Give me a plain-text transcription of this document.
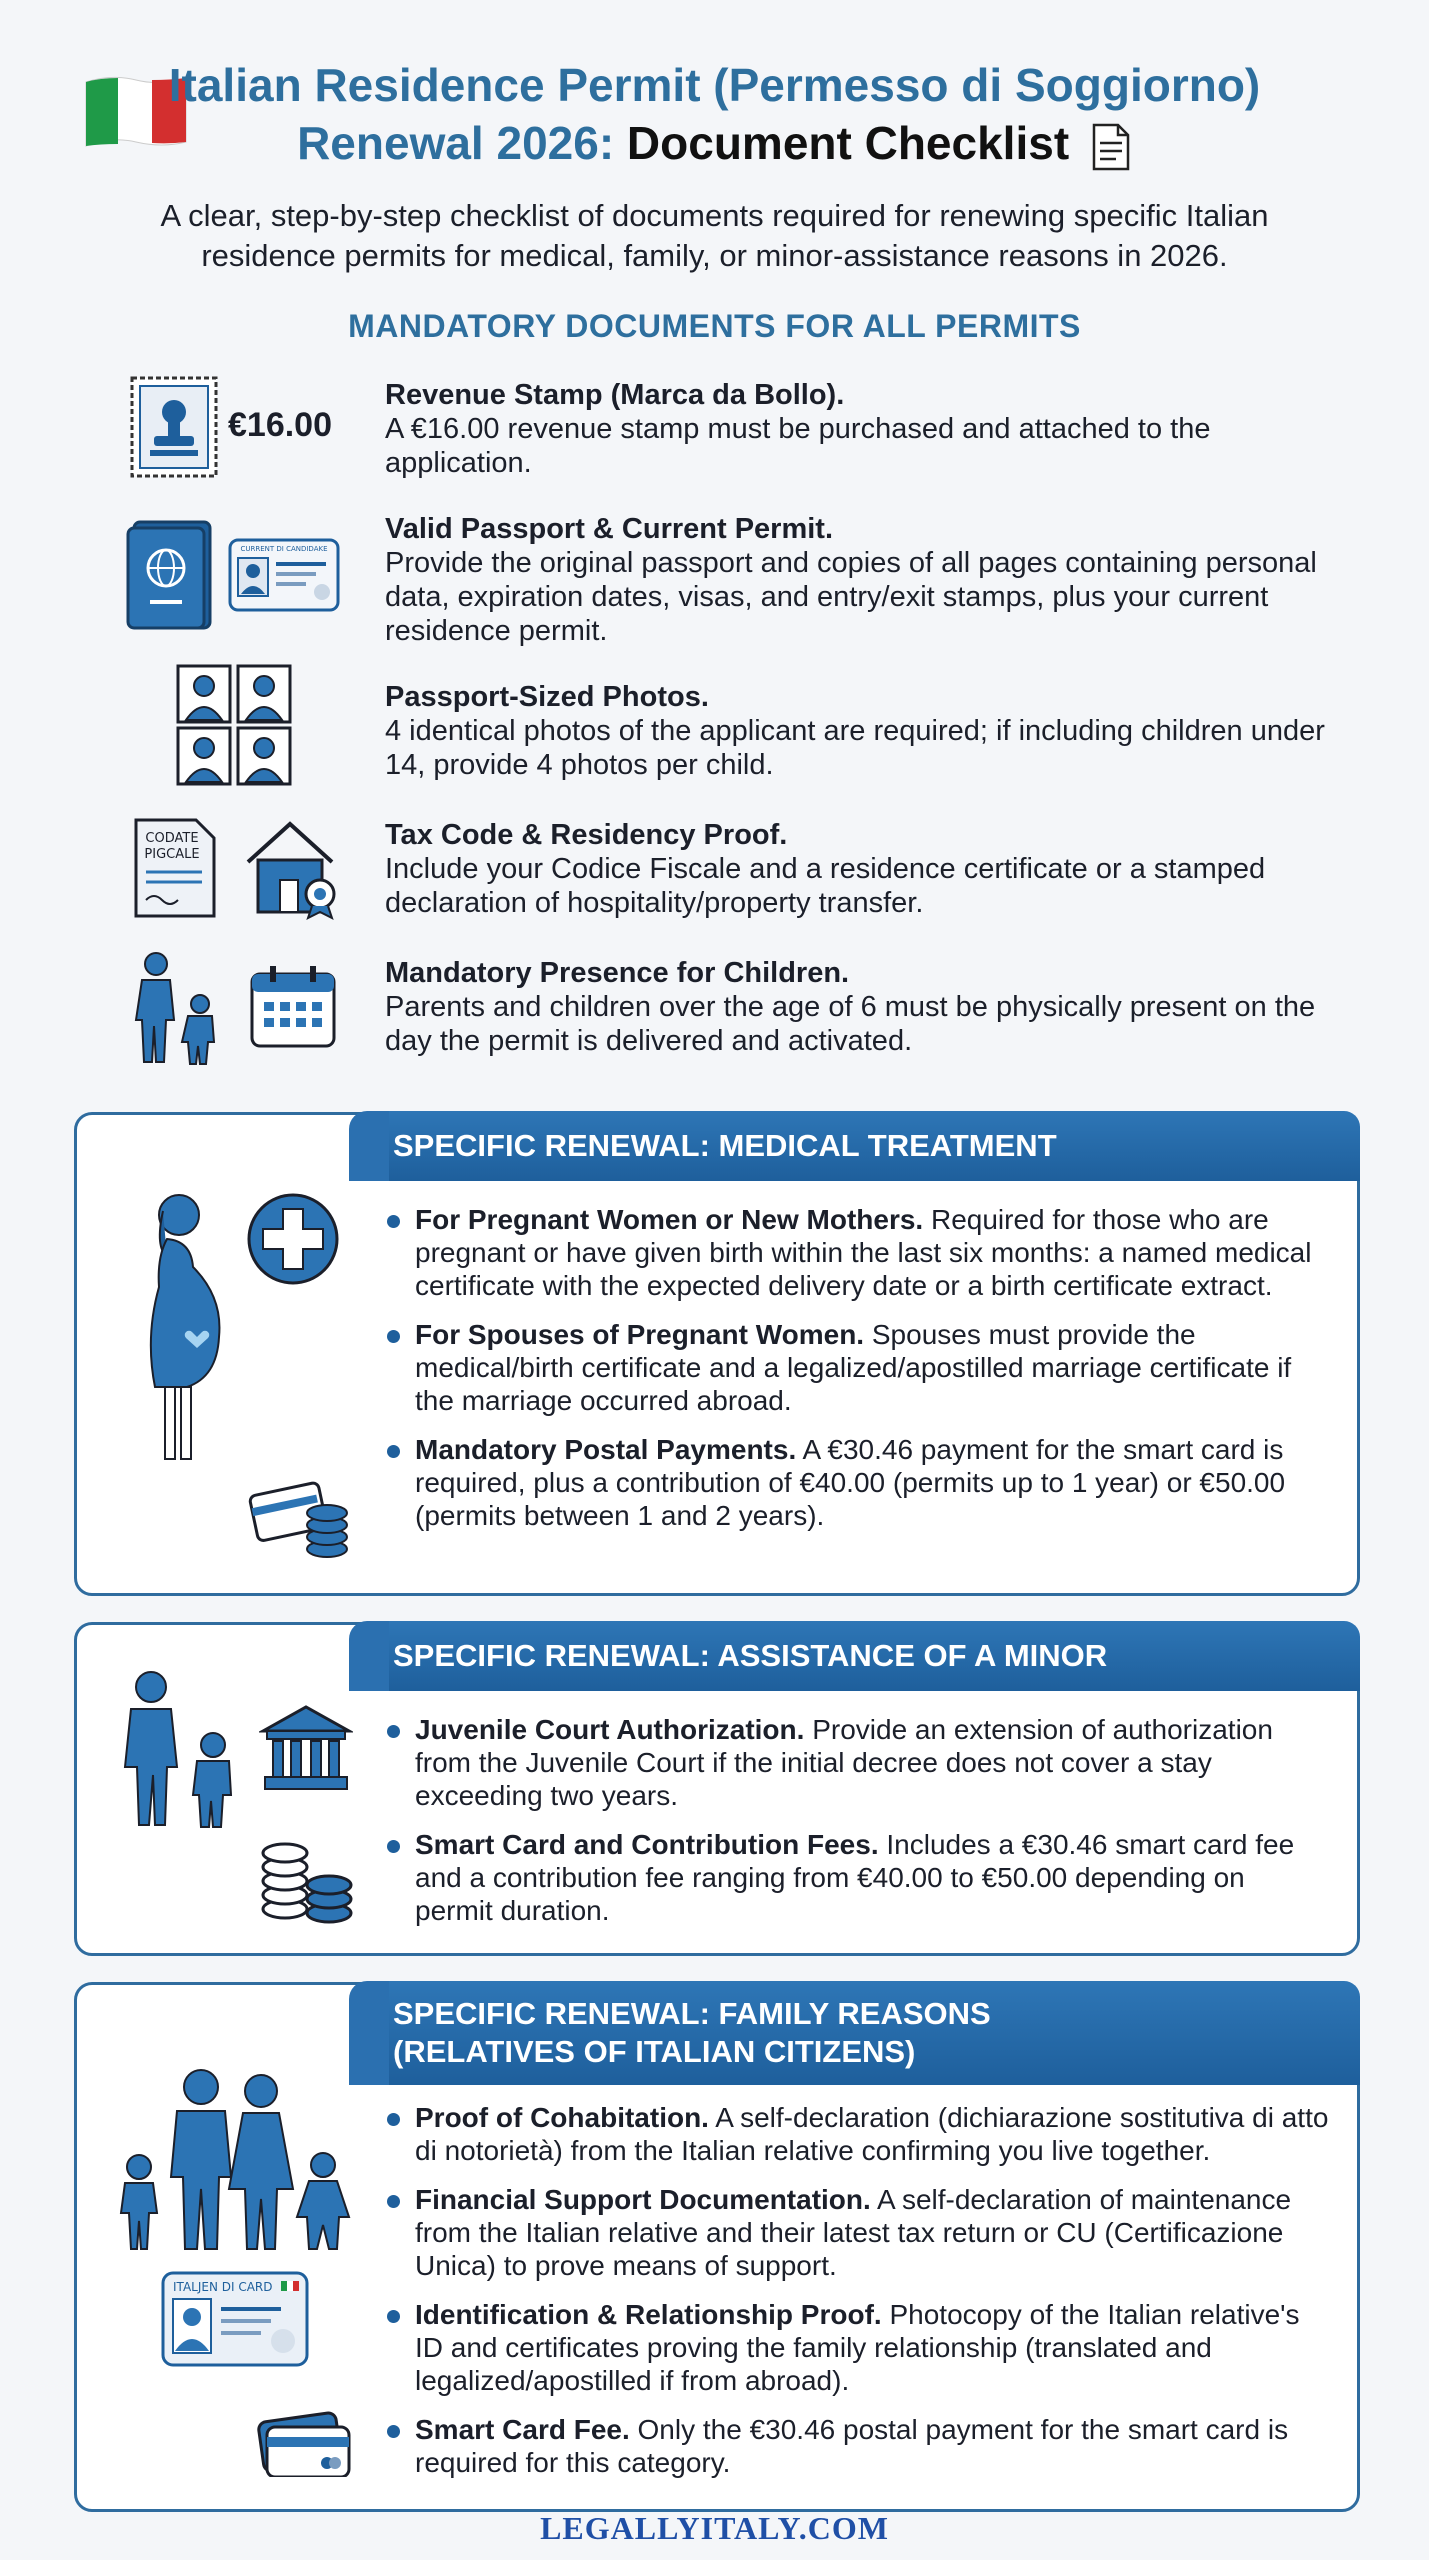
Italian Residence Permit (Permesso di Soggiorno)
Renewal 2026: Document Checklist
A clear, step-by-step checklist of documents required for renewing specific Italian residence permits for medical, family, or minor-assistance reasons in 2026.
MANDATORY DOCUMENTS FOR ALL PERMITS
€16.00
CURRENT DI CANDIDAKE
CODATE
PIGCALE
Revenue Stamp (Marca da Bollo).
A €16.00 revenue stamp must be purchased and attached to the application.
Valid Passport & Current Permit.
Provide the original passport and copies of all pages containing personal data, expiration dates, visas, and entry/exit stamps, plus your current residence permit.
Passport-Sized Photos.
4 identical photos of the applicant are required; if including children under 14, provide 4 photos per child.
Tax Code & Residency Proof.
Include your Codice Fiscale and a residence certificate or a stamped declaration of hospitality/property transfer.
Mandatory Presence for Children.
Parents and children over the age of 6 must be physically present on the day the permit is delivered and activated.
SPECIFIC RENEWAL: MEDICAL TREATMENT
For Pregnant Women or New Mothers. Required for those who are pregnant or have given birth within the last six months: a named medical certificate with the expected delivery date or a birth certificate extract.
For Spouses of Pregnant Women. Spouses must provide the medical/birth certificate and a legalized/apostilled marriage certificate if the marriage occurred abroad.
Mandatory Postal Payments. A €30.46 payment for the smart card is required, plus a contribution of €40.00 (permits up to 1 year) or €50.00 (permits between 1 and 2 years).
SPECIFIC RENEWAL: ASSISTANCE OF A MINOR
Juvenile Court Authorization. Provide an extension of authorization from the Juvenile Court if the initial decree does not cover a stay exceeding two years.
Smart Card and Contribution Fees. Includes a €30.46 smart card fee and a contribution fee ranging from €40.00 to €50.00 depending on permit duration.
SPECIFIC RENEWAL: FAMILY REASONS
(RELATIVES OF ITALIAN CITIZENS)
ITALJEN DI CARD
Proof of Cohabitation. A self-declaration (dichiarazione sostitutiva di atto di notorietà) from the Italian relative confirming you live together.
Financial Support Documentation. A self-declaration of maintenance from the Italian relative and their latest tax return or CU (Certificazione Unica) to prove means of support.
Identification & Relationship Proof. Photocopy of the Italian relative's ID and certificates proving the family relationship (translated and legalized/apostilled if from abroad).
Smart Card Fee. Only the €30.46 postal payment for the smart card is required for this category.
LEGALLYITALY.COM
